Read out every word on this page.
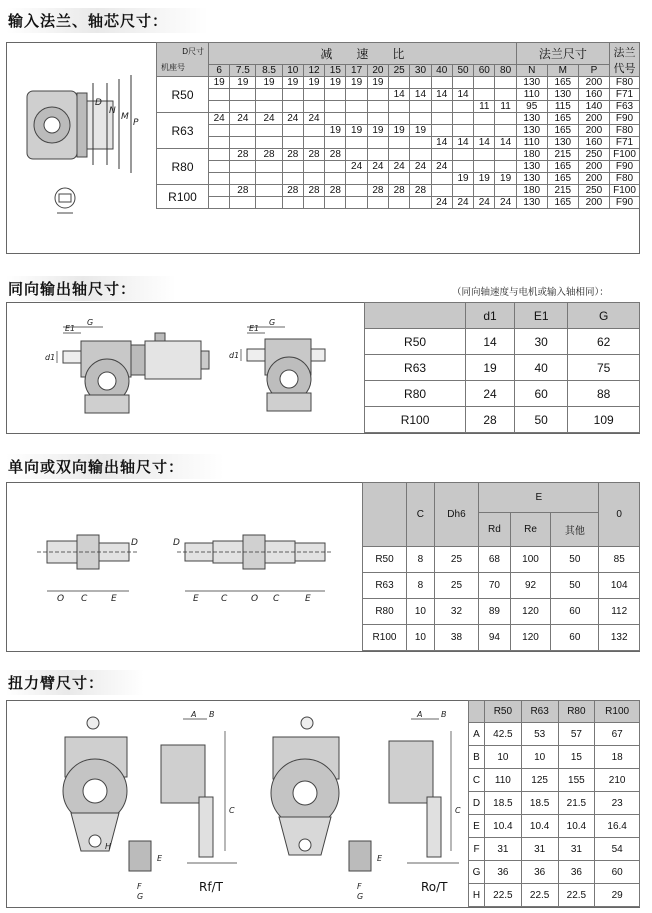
输入法兰、轴芯尺寸：
D
N
M
P
D尺寸
机座号	减　　速　　比														法兰尺寸			法兰代号
	6	7.5	8.5	10	12	15	17	20	25	30	40	50	60	80	N	M	P	
R50	19	19	19	19	19	19	19	19							130	165	200	F80
									14	14	14	14			110	130	160	F71
													11	11	95	115	140	F63
R63	24	24	24	24	24										130	165	200	F90
						19	19	19	19	19					130	165	200	F80
											14	14	14	14	110	130	160	F71
R80		28	28	28	28	28									180	215	250	F100
							24	24	24	24	24				130	165	200	F90
												19	19	19	130	165	200	F80
R100		28		28	28	28		28	28	28					180	215	250	F100
											24	24	24	24	130	165	200	F90
同向输出轴尺寸：	（同向轴速度与电机或输入轴相同）：
E1
G
d1
E1
G
d1
	d1	E1	G
R50	14	30	62
R63	19	40	75
R80	24	60	88
R100	28	50	109
单向或双向输出轴尺寸：
O C	E
D
E C	O C	E
D
	C	Dh6	E			0
			Rd	Re	其他	
R50	8	25	68	100	50	85
R63	8	25	70	92	50	104
R80	10	32	89	120	60	112
R100	10	38	94	120	60	132
扭力臂尺寸：
A B
C
A B
C
H
F
G
E
F
G
E
Rf/T	Ro/T
	R50	R63	R80	R100
A	42.5	53	57	67
B	10	10	15	18
C	110	125	155	210
D	18.5	18.5	21.5	23
E	10.4	10.4	10.4	16.4
F	31	31	31	54
G	36	36	36	60
H	22.5	22.5	22.5	29
